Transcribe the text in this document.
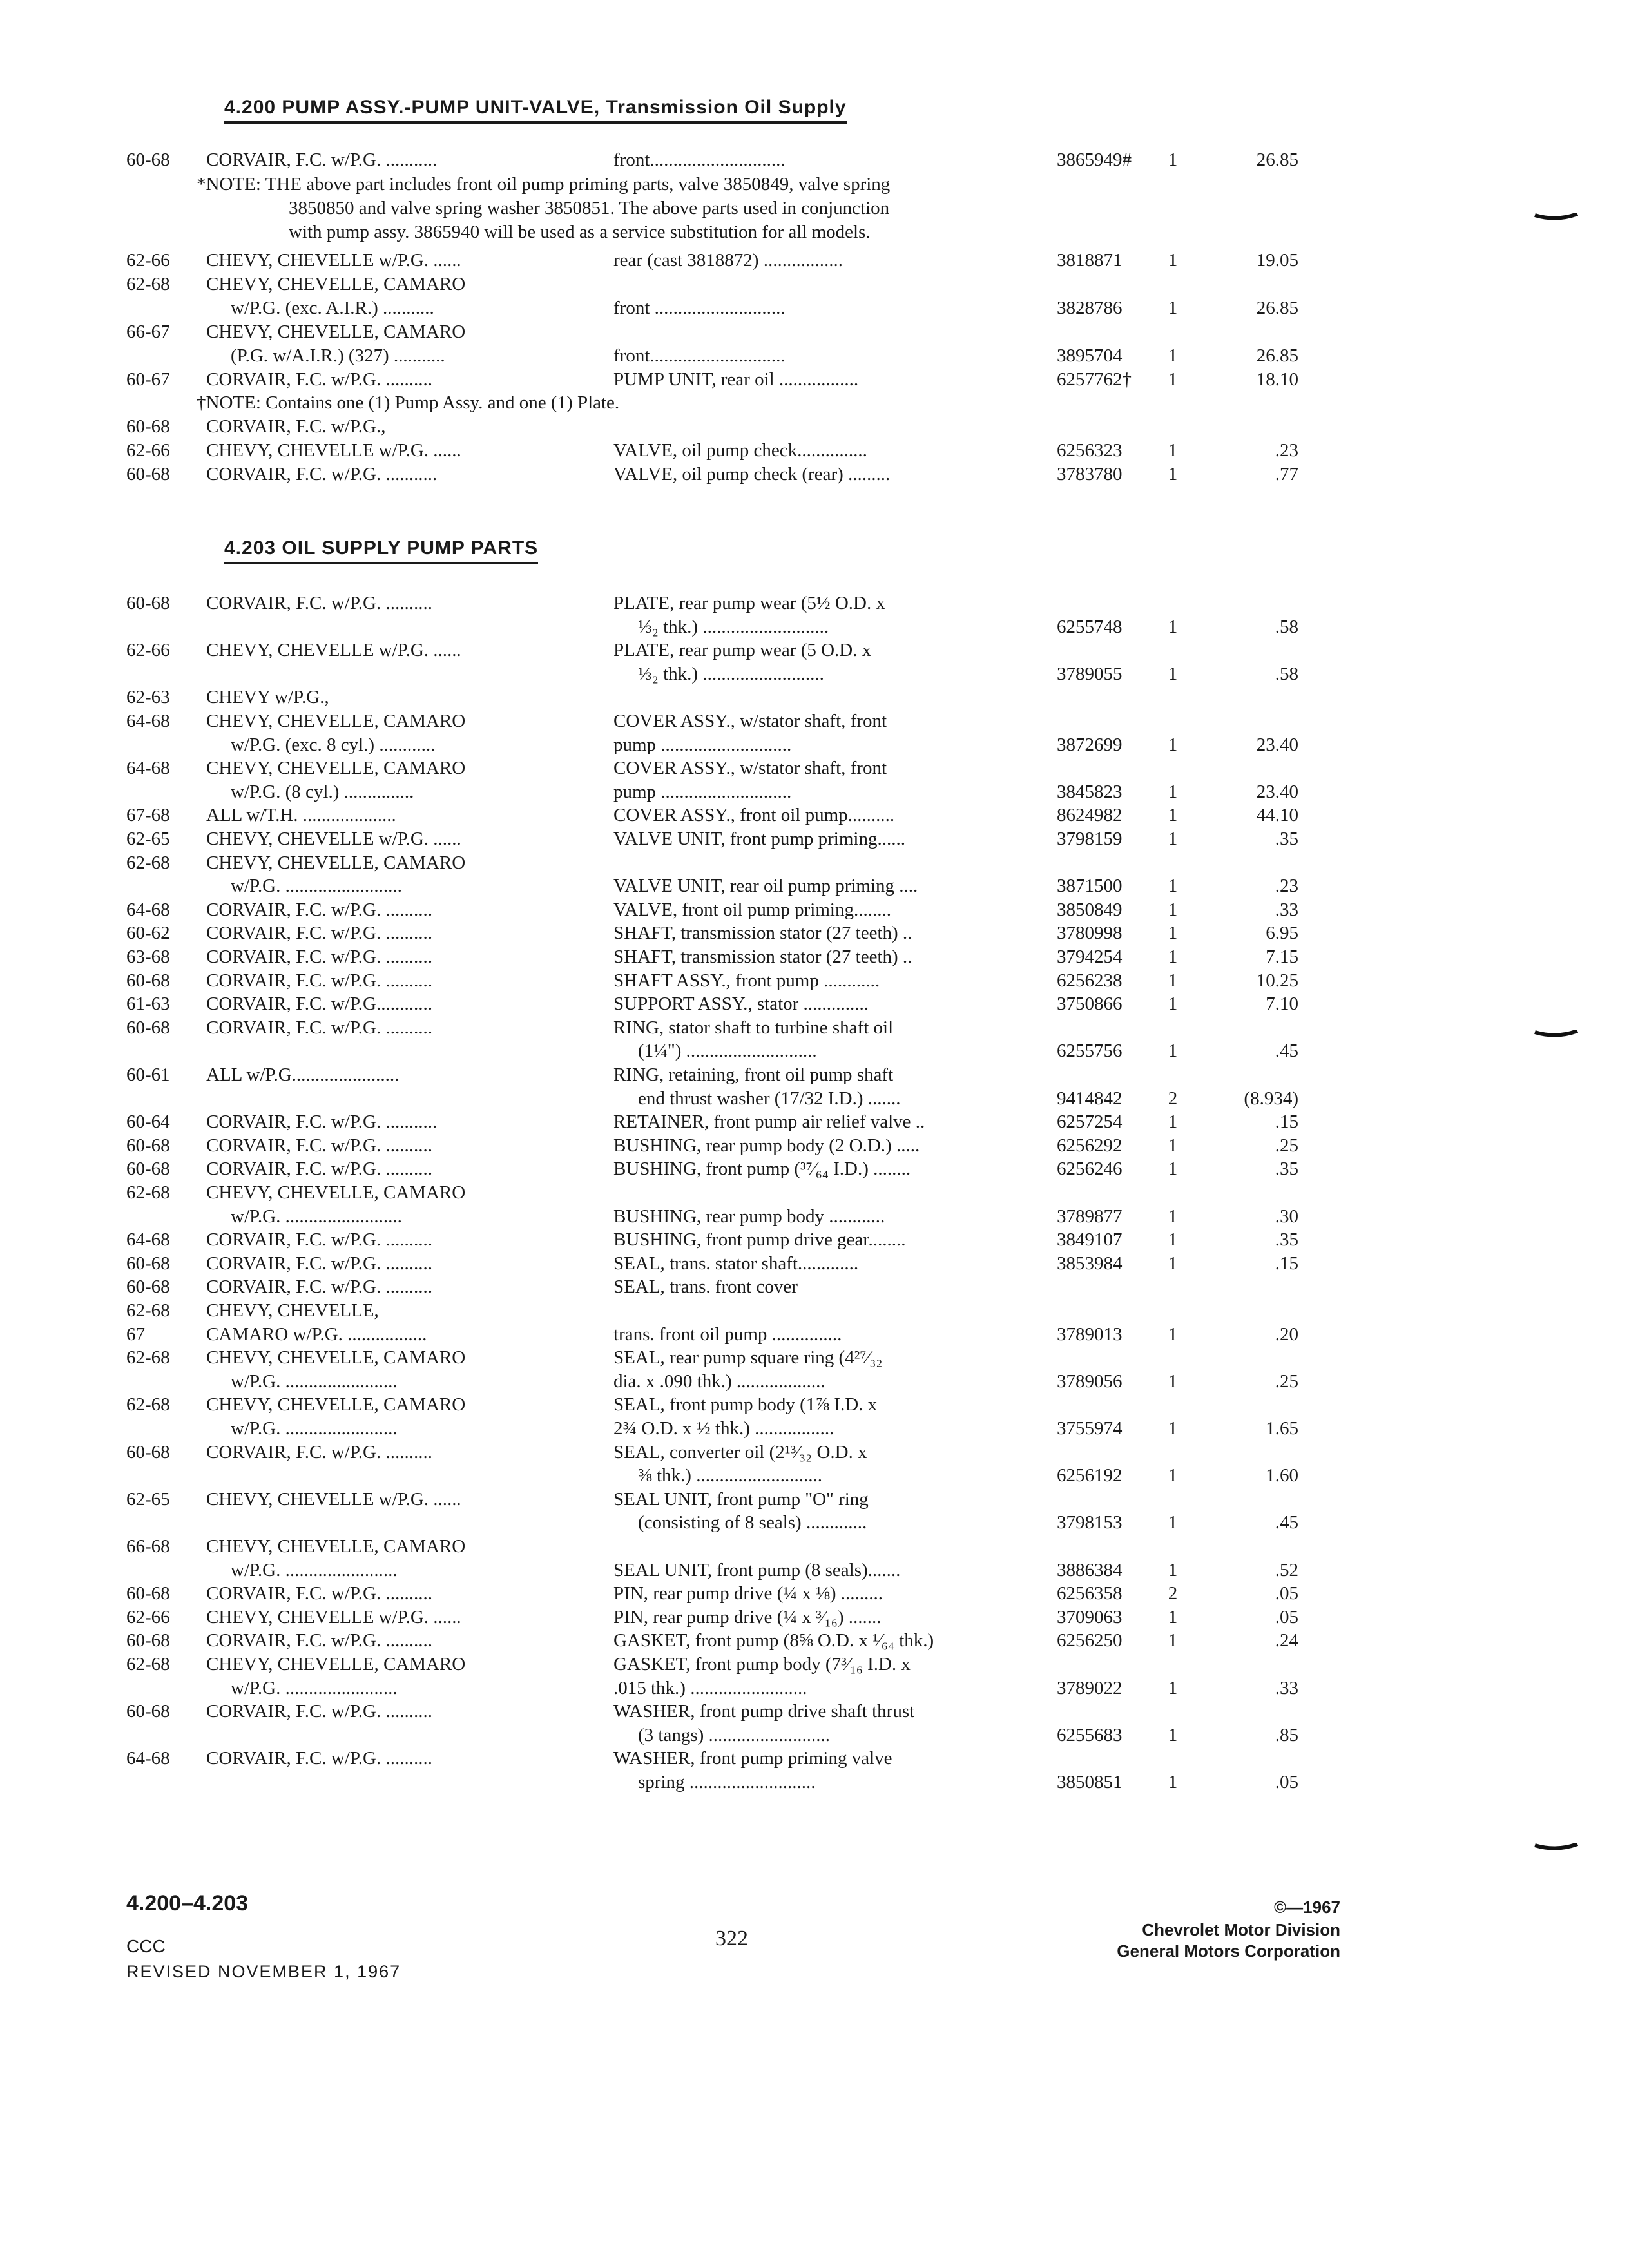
4.200 PUMP ASSY.-PUMP UNIT-VALVE, Transmission Oil Supply
60-68	CORVAIR, F.C. w/P.G. ...........	front.............................	3865949#	1	26.85
62-66	CHEVY, CHEVELLE w/P.G. ......	rear (cast 3818872) .................	3818871	1	19.05
62-68	CHEVY, CHEVELLE, CAMARO
w/P.G. (exc. A.I.R.) ...........	front ............................	3828786	1	26.85
66-67	CHEVY, CHEVELLE, CAMARO
(P.G. w/A.I.R.) (327) ...........	front.............................	3895704	1	26.85
60-67	CORVAIR, F.C. w/P.G. ..........	PUMP UNIT, rear oil .................	6257762†	1	18.10
60-68	CORVAIR, F.C. w/P.G.,
62-66	CHEVY, CHEVELLE w/P.G. ......	VALVE, oil pump check...............	6256323	1	.23
60-68	CORVAIR, F.C. w/P.G. ...........	VALVE, oil pump check (rear) .........	3783780	1	.77
*NOTE: THE above part includes front oil pump priming parts, valve 3850849, valve spring
3850850 and valve spring washer 3850851. The above parts used in conjunction
with pump assy. 3865940 will be used as a service substitution for all models.
†NOTE: Contains one (1) Pump Assy. and one (1) Plate.
4.203 OIL SUPPLY PUMP PARTS
60-68	CORVAIR, F.C. w/P.G. ..........	PLATE, rear pump wear (5½ O.D. x
⅓₂ thk.) ...........................	6255748	1	.58
62-66	CHEVY, CHEVELLE w/P.G. ......	PLATE, rear pump wear (5 O.D. x
⅓₂ thk.) ..........................	3789055	1	.58
62-63	CHEVY w/P.G.,
64-68	CHEVY, CHEVELLE, CAMARO	COVER ASSY., w/stator shaft, front
w/P.G. (exc. 8 cyl.) ............	pump ............................	3872699	1	23.40
64-68	CHEVY, CHEVELLE, CAMARO	COVER ASSY., w/stator shaft, front
w/P.G. (8 cyl.) ...............	pump ............................	3845823	1	23.40
67-68	ALL w/T.H. ....................	COVER ASSY., front oil pump..........	8624982	1	44.10
62-65	CHEVY, CHEVELLE w/P.G. ......	VALVE UNIT, front pump priming......	3798159	1	.35
62-68	CHEVY, CHEVELLE, CAMARO
w/P.G. .........................	VALVE UNIT, rear oil pump priming ....	3871500	1	.23
64-68	CORVAIR, F.C. w/P.G. ..........	VALVE, front oil pump priming........	3850849	1	.33
60-62	CORVAIR, F.C. w/P.G. ..........	SHAFT, transmission stator (27 teeth) ..	3780998	1	6.95
63-68	CORVAIR, F.C. w/P.G. ..........	SHAFT, transmission stator (27 teeth) ..	3794254	1	7.15
60-68	CORVAIR, F.C. w/P.G. ..........	SHAFT ASSY., front pump ............	6256238	1	10.25
61-63	CORVAIR, F.C. w/P.G............	SUPPORT ASSY., stator ..............	3750866	1	7.10
60-68	CORVAIR, F.C. w/P.G. ..........	RING, stator shaft to turbine shaft oil
(1¼") ............................	6255756	1	.45
60-61	ALL w/P.G.......................	RING, retaining, front oil pump shaft
end thrust washer (17/32 I.D.) .......	9414842	2	(8.934)
60-64	CORVAIR, F.C. w/P.G. ...........	RETAINER, front pump air relief valve ..	6257254	1	.15
60-68	CORVAIR, F.C. w/P.G. ..........	BUSHING, rear pump body (2 O.D.) .....	6256292	1	.25
60-68	CORVAIR, F.C. w/P.G. ..........	BUSHING, front pump (³⁷⁄₆₄ I.D.) ........	6256246	1	.35
62-68	CHEVY, CHEVELLE, CAMARO
w/P.G. .........................	BUSHING, rear pump body ............	3789877	1	.30
64-68	CORVAIR, F.C. w/P.G. ..........	BUSHING, front pump drive gear........	3849107	1	.35
60-68	CORVAIR, F.C. w/P.G. ..........	SEAL, trans. stator shaft.............	3853984	1	.15
60-68	CORVAIR, F.C. w/P.G. ..........	SEAL, trans. front cover
62-68	CHEVY, CHEVELLE,
67	CAMARO w/P.G. .................	trans. front oil pump ...............	3789013	1	.20
62-68	CHEVY, CHEVELLE, CAMARO	SEAL, rear pump square ring (4²⁷⁄₃₂
w/P.G. ........................	dia. x .090 thk.) ...................	3789056	1	.25
62-68	CHEVY, CHEVELLE, CAMARO	SEAL, front pump body (1⅞ I.D. x
w/P.G. ........................	2¾ O.D. x ½ thk.) .................	3755974	1	1.65
60-68	CORVAIR, F.C. w/P.G. ..........	SEAL, converter oil (2¹³⁄₃₂ O.D. x
⅜ thk.) ...........................	6256192	1	1.60
62-65	CHEVY, CHEVELLE w/P.G. ......	SEAL UNIT, front pump "O" ring
(consisting of 8 seals) .............	3798153	1	.45
66-68	CHEVY, CHEVELLE, CAMARO
w/P.G. ........................	SEAL UNIT, front pump (8 seals).......	3886384	1	.52
60-68	CORVAIR, F.C. w/P.G. ..........	PIN, rear pump drive (¼ x ⅛) .........	6256358	2	.05
62-66	CHEVY, CHEVELLE w/P.G. ......	PIN, rear pump drive (¼ x ³⁄₁₆) .......	3709063	1	.05
60-68	CORVAIR, F.C. w/P.G. ..........	GASKET, front pump (8⅝ O.D. x ¹⁄₆₄ thk.)	6256250	1	.24
62-68	CHEVY, CHEVELLE, CAMARO	GASKET, front pump body (7³⁄₁₆ I.D. x
w/P.G. ........................	.015 thk.) .........................	3789022	1	.33
60-68	CORVAIR, F.C. w/P.G. ..........	WASHER, front pump drive shaft thrust
(3 tangs) ..........................	6255683	1	.85
64-68	CORVAIR, F.C. w/P.G. ..........	WASHER, front pump priming valve
spring ...........................	3850851	1	.05
4.200–4.203
CCC
REVISED NOVEMBER 1, 1967
322
©—1967
Chevrolet Motor Division
General Motors Corporation
